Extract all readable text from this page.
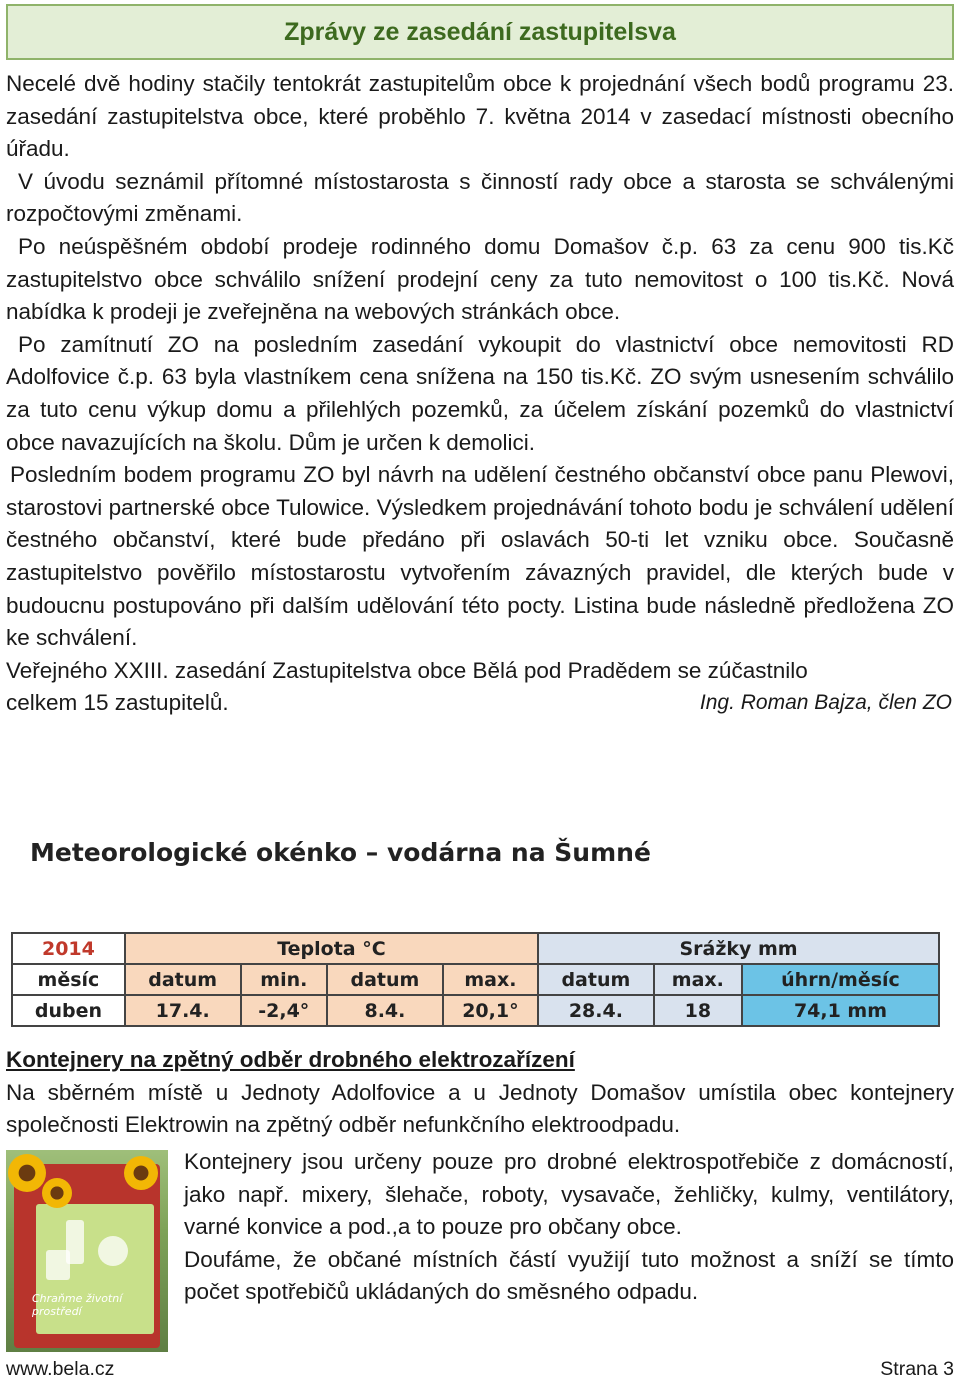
Zprávy ze zasedání zastupitelsva

Necelé dvě hodiny stačily tentokrát zastupitelům obce k projednání všech bodů programu 23. zasedání zastupitelstva obce, které proběhlo 7. května 2014 v zasedací místnosti obecního úřadu.

V úvodu seznámil přítomné místostarosta s činností rady obce a starosta se schválenými rozpočtovými změnami.

Po neúspěšném období prodeje rodinného domu Domašov č.p. 63 za cenu 900 tis.Kč zastupitelstvo obce schválilo snížení prodejní ceny za tuto nemovitost o 100 tis.Kč. Nová nabídka k prodeji je zveřejněna na webových stránkách obce.

Po zamítnutí ZO na posledním zasedání vykoupit do vlastnictví obce nemovitosti RD Adolfovice č.p. 63 byla vlastníkem cena snížena na 150 tis.Kč. ZO svým usnesením schválilo za tuto cenu výkup domu a přilehlých pozemků, za účelem získání pozemků do vlastnictví obce navazujících na školu. Dům je určen k demolici.

Posledním bodem programu ZO byl návrh na udělení čestného občanství obce panu Plewovi, starostovi partnerské obce Tulowice. Výsledkem projednávání tohoto bodu je schválení udělení čestného občanství, které bude předáno při oslavách 50-ti let vzniku obce. Současně zastupitelstvo pověřilo místostarostu vytvořením závazných pravidel, dle kterých bude v budoucnu postupováno při dalším udělování této pocty. Listina bude následně předložena ZO ke schválení.

Veřejného XXIII. zasedání Zastupitelstva obce Bělá pod Pradědem se zúčastnilo

celkem 15 zastupitelů.	Ing. Roman Bajza, člen ZO
Meteorologické okénko – vodárna na Šumné
2014	Teplota °C				Srážky mm		
měsíc	datum	min.	datum	max.	datum	max.	úhrn/měsíc
duben	17.4.	-2,4°	8.4.	20,1°	28.4.	18	74,1 mm
Kontejnery na zpětný odběr drobného elektrozařízení

Na sběrném místě u Jednoty Adolfovice a u Jednoty Domašov umístila obec kontejnery společnosti Elektrowin na zpětný odběr nefunkčního elektroodpadu.

Chraňme životní prostředí

Kontejnery jsou určeny pouze pro drobné elektrospotřebiče z domácností, jako např. mixery, šlehače, roboty, vysavače, žehličky, kulmy, ventilátory, varné konvice a pod.,a to pouze pro občany obce.

Doufáme, že občané místních částí využijí tuto možnost a sníží se tímto počet spotřebičů ukládaných do směsného odpadu.

www.bela.cz	Strana 3
